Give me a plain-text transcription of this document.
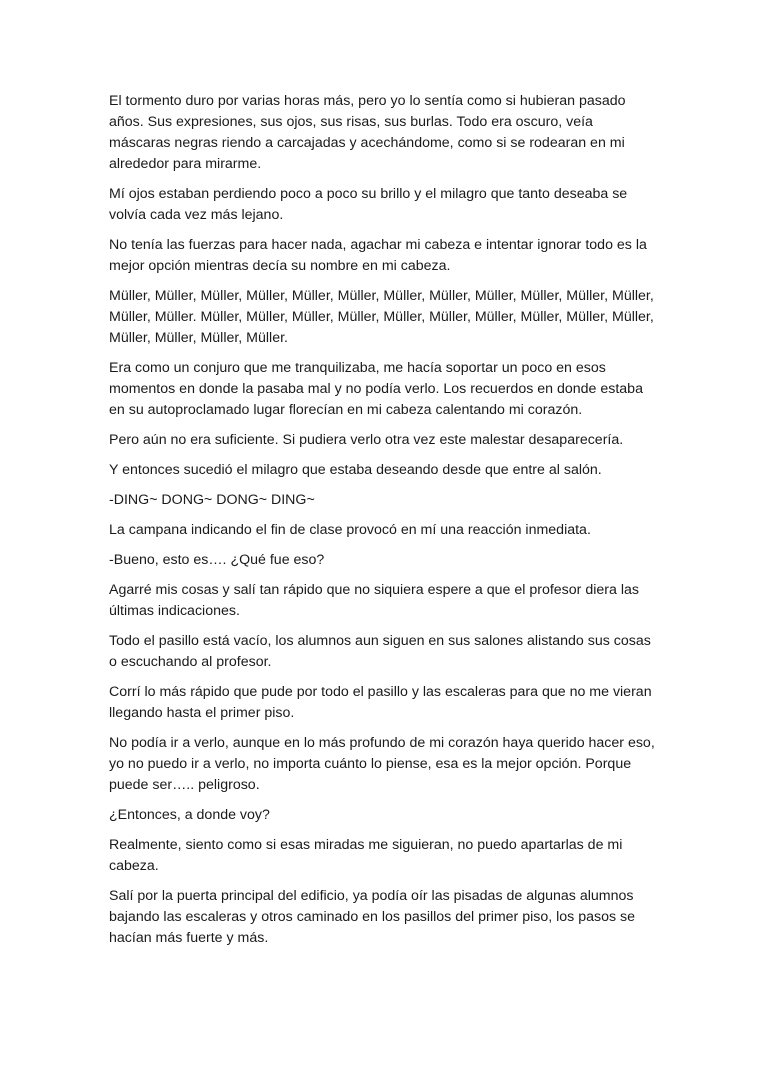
El tormento duro por varias horas más, pero yo lo sentía como si hubieran pasado años. Sus expresiones, sus ojos, sus risas, sus burlas. Todo era oscuro, veía máscaras negras riendo a carcajadas y acechándome, como si se rodearan en mi alrededor para mirarme.

Mí ojos estaban perdiendo poco a poco su brillo y el milagro que tanto deseaba se volvía cada vez más lejano.

No tenía las fuerzas para hacer nada, agachar mi cabeza e intentar ignorar todo es la mejor opción mientras decía su nombre en mi cabeza.

Müller, Müller, Müller, Müller, Müller, Müller, Müller, Müller, Müller, Müller, Müller, Müller, Müller, Müller. Müller, Müller, Müller, Müller, Müller, Müller, Müller, Müller, Müller, Müller, Müller, Müller, Müller, Müller.

Era como un conjuro que me tranquilizaba, me hacía soportar un poco en esos momentos en donde la pasaba mal y no podía verlo. Los recuerdos en donde estaba en su autoproclamado lugar florecían en mi cabeza calentando mi corazón.

Pero aún no era suficiente. Si pudiera verlo otra vez este malestar desaparecería.

Y entonces sucedió el milagro que estaba deseando desde que entre al salón.

-DING~ DONG~ DONG~ DING~

La campana indicando el fin de clase provocó en mí una reacción inmediata.

-Bueno, esto es…. ¿Qué fue eso?

Agarré mis cosas y salí tan rápido que no siquiera espere a que el profesor diera las últimas indicaciones.

Todo el pasillo está vacío, los alumnos aun siguen en sus salones alistando sus cosas o escuchando al profesor.

Corrí lo más rápido que pude por todo el pasillo y las escaleras para que no me vieran llegando hasta el primer piso.

No podía ir a verlo, aunque en lo más profundo de mi corazón haya querido hacer eso, yo no puedo ir a verlo, no importa cuánto lo piense, esa es la mejor opción. Porque puede ser….. peligroso.

¿Entonces, a donde voy?

Realmente, siento como si esas miradas me siguieran, no puedo apartarlas de mi cabeza.

Salí por la puerta principal del edificio, ya podía oír las pisadas de algunas alumnos bajando las escaleras y otros caminado en los pasillos del primer piso, los pasos se hacían más fuerte y más.
